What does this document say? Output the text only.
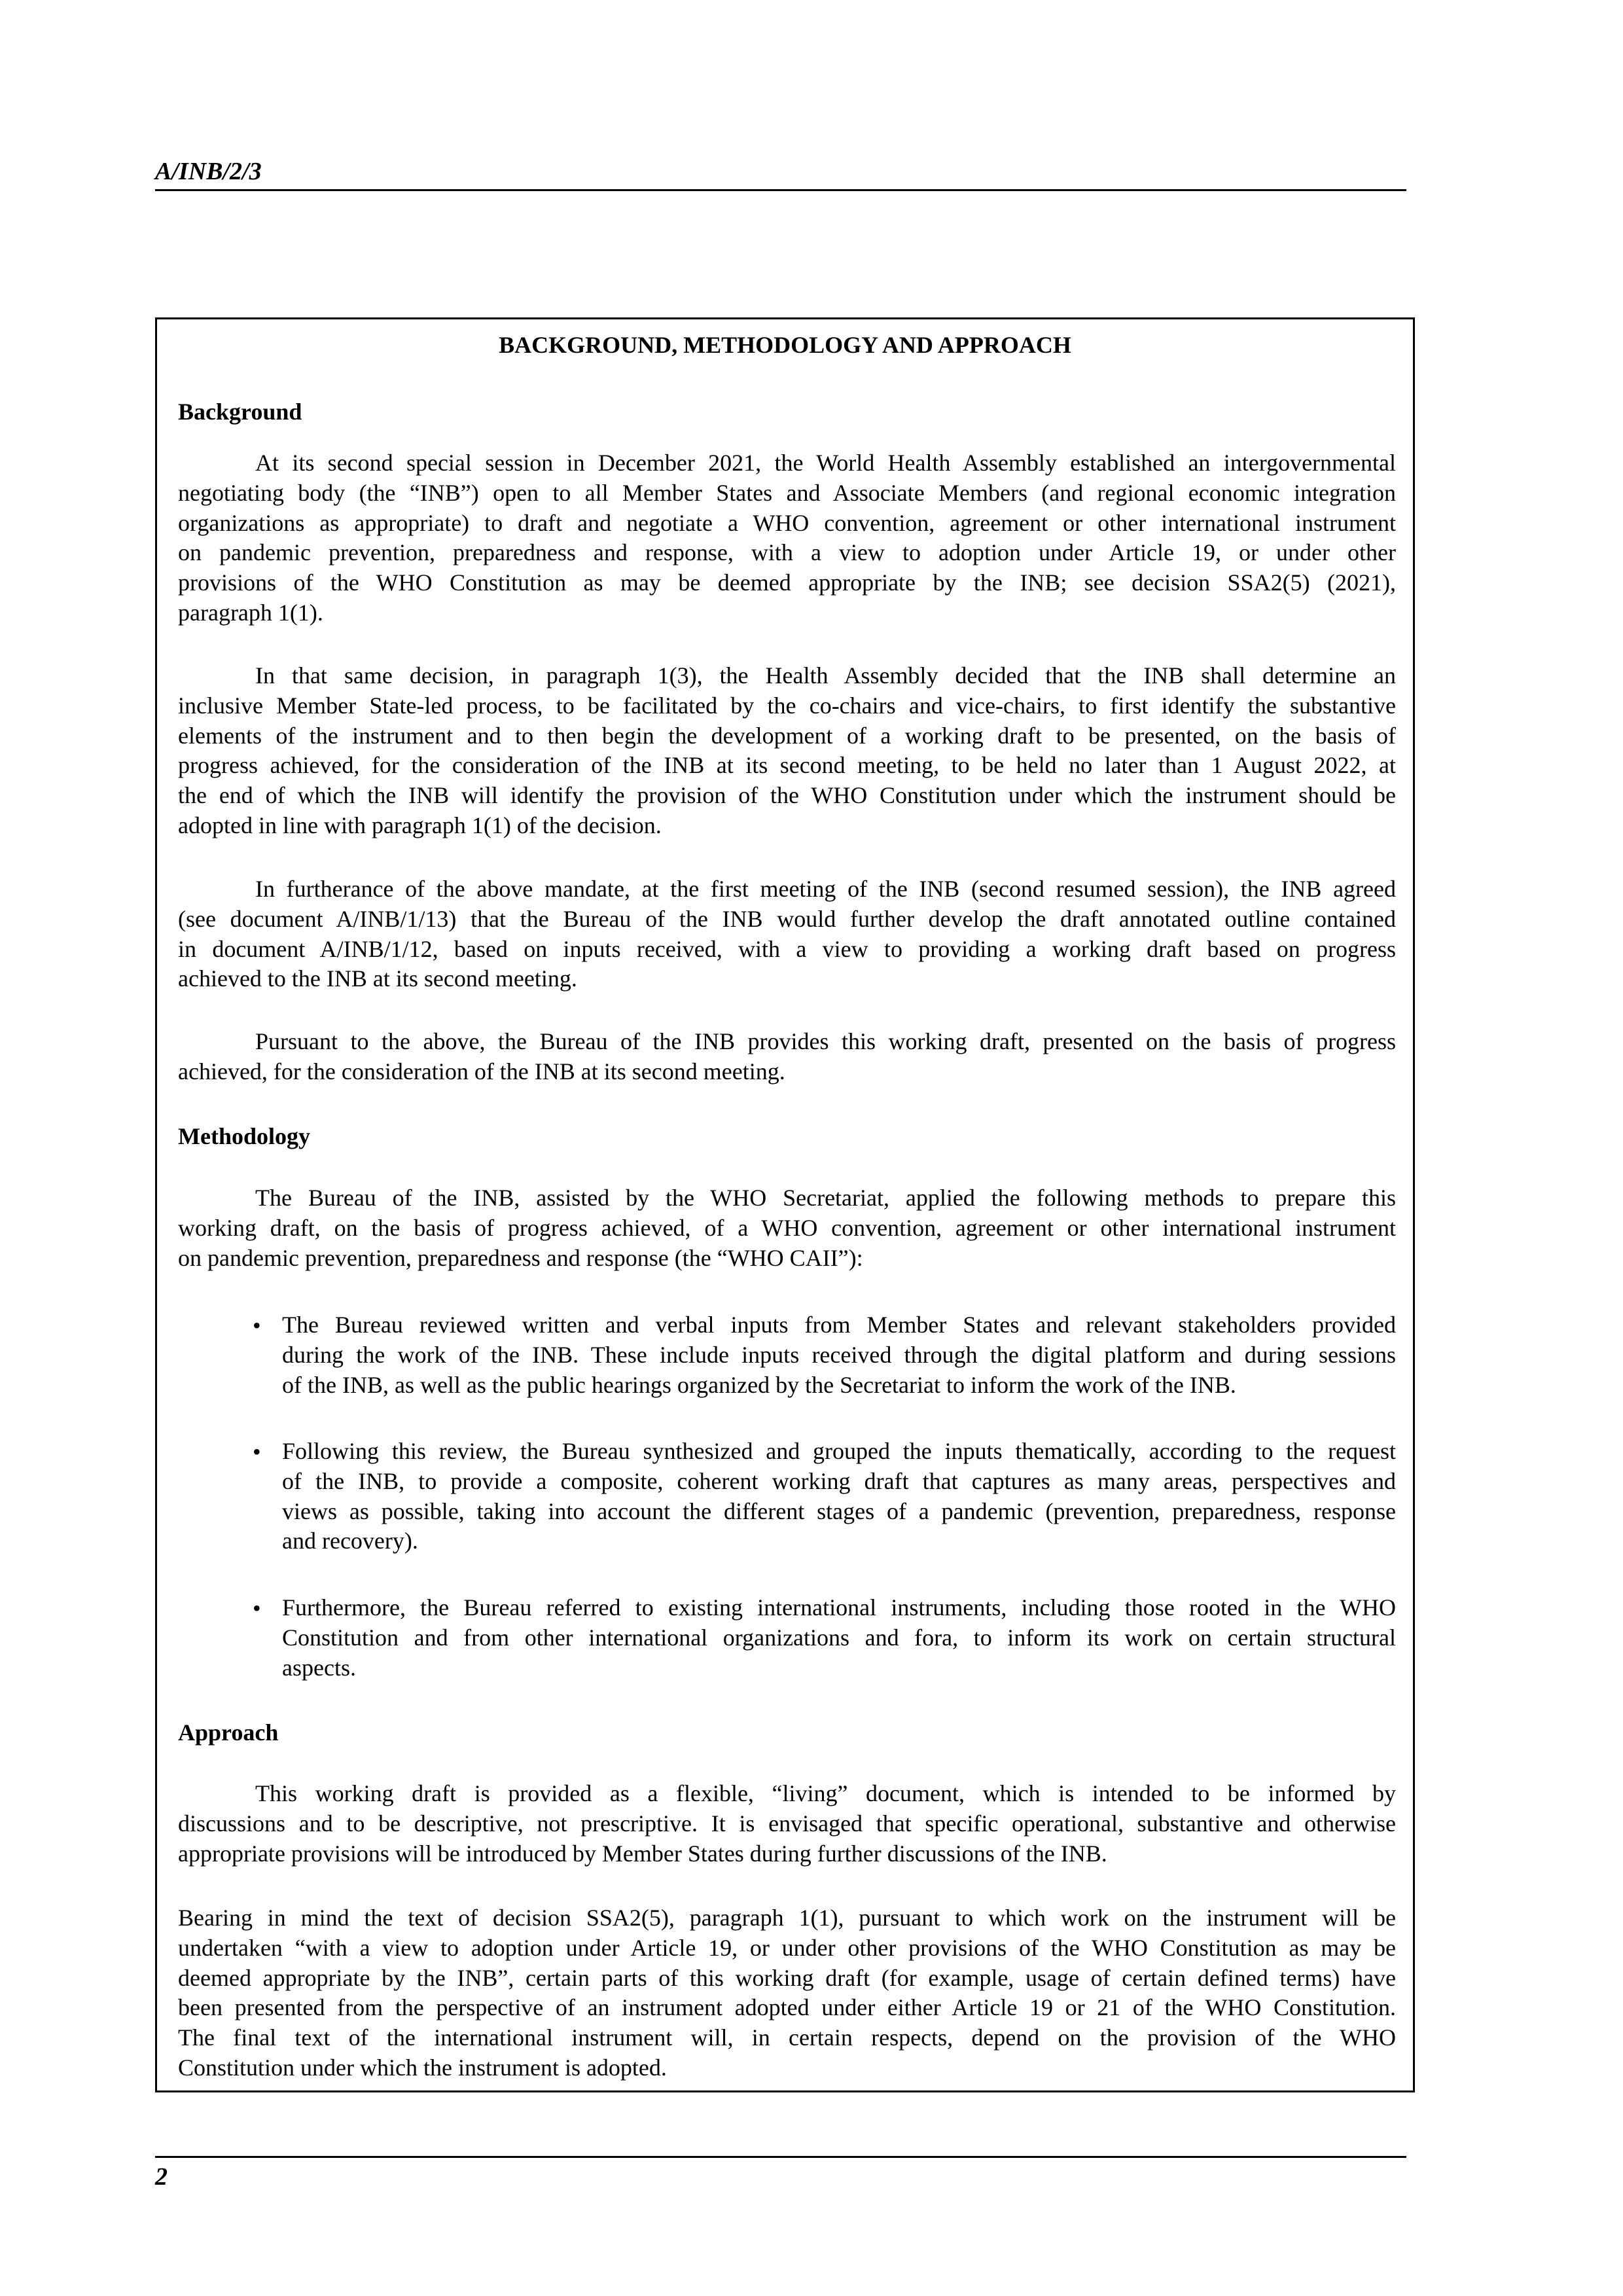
A/INB/2/3
BACKGROUND, METHODOLOGY AND APPROACH
Background
Methodology
Approach
At its second special session in December 2021, the World Health Assembly established an intergovernmental
negotiating body (the “INB”) open to all Member States and Associate Members (and regional economic integration
organizations as appropriate) to draft and negotiate a WHO convention, agreement or other international instrument
on pandemic prevention, preparedness and response, with a view to adoption under Article 19, or under other
provisions of the WHO Constitution as may be deemed appropriate by the INB; see decision SSA2(5) (2021),
paragraph 1(1).
In that same decision, in paragraph 1(3), the Health Assembly decided that the INB shall determine an
inclusive Member State-led process, to be facilitated by the co-chairs and vice-chairs, to first identify the substantive
elements of the instrument and to then begin the development of a working draft to be presented, on the basis of
progress achieved, for the consideration of the INB at its second meeting, to be held no later than 1 August 2022, at
the end of which the INB will identify the provision of the WHO Constitution under which the instrument should be
adopted in line with paragraph 1(1) of the decision.
In furtherance of the above mandate, at the first meeting of the INB (second resumed session), the INB agreed
(see document A/INB/1/13) that the Bureau of the INB would further develop the draft annotated outline contained
in document A/INB/1/12, based on inputs received, with a view to providing a working draft based on progress
achieved to the INB at its second meeting.
Pursuant to the above, the Bureau of the INB provides this working draft, presented on the basis of progress
achieved, for the consideration of the INB at its second meeting.
The Bureau of the INB, assisted by the WHO Secretariat, applied the following methods to prepare this
working draft, on the basis of progress achieved, of a WHO convention, agreement or other international instrument
on pandemic prevention, preparedness and response (the “WHO CAII”):
The Bureau reviewed written and verbal inputs from Member States and relevant stakeholders provided
during the work of the INB. These include inputs received through the digital platform and during sessions
of the INB, as well as the public hearings organized by the Secretariat to inform the work of the INB.
•
Following this review, the Bureau synthesized and grouped the inputs thematically, according to the request
of the INB, to provide a composite, coherent working draft that captures as many areas, perspectives and
views as possible, taking into account the different stages of a pandemic (prevention, preparedness, response
and recovery).
•
Furthermore, the Bureau referred to existing international instruments, including those rooted in the WHO
Constitution and from other international organizations and fora, to inform its work on certain structural
aspects.
•
This working draft is provided as a flexible, “living” document, which is intended to be informed by
discussions and to be descriptive, not prescriptive. It is envisaged that specific operational, substantive and otherwise
appropriate provisions will be introduced by Member States during further discussions of the INB.
Bearing in mind the text of decision SSA2(5), paragraph 1(1), pursuant to which work on the instrument will be
undertaken “with a view to adoption under Article 19, or under other provisions of the WHO Constitution as may be
deemed appropriate by the INB”, certain parts of this working draft (for example, usage of certain defined terms) have
been presented from the perspective of an instrument adopted under either Article 19 or 21 of the WHO Constitution.
The final text of the international instrument will, in certain respects, depend on the provision of the WHO
Constitution under which the instrument is adopted.
2
